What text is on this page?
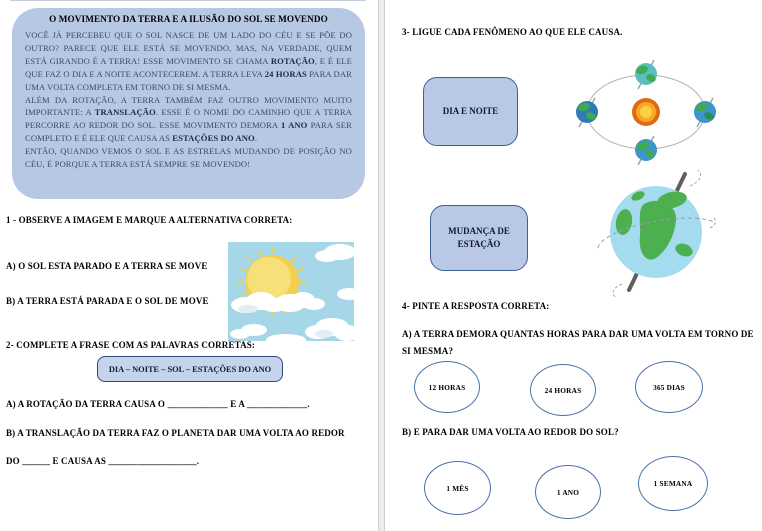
O MOVIMENTO DA TERRA E A ILUSÃO DO SOL SE MOVENDO

VOCÊ JÁ PERCEBEU QUE O SOL NASCE DE UM LADO DO CÉU E SE PÕE DO OUTRO? PARECE QUE ELE ESTÁ SE MOVENDO, MAS, NA VERDADE, QUEM ESTÁ GIRANDO É A TERRA! ESSE MOVIMENTO SE CHAMA ROTAÇÃO, E É ELE QUE FAZ O DIA E A NOITE ACONTECEREM. A TERRA LEVA 24 HORAS PARA DAR UMA VOLTA COMPLETA EM TORNO DE SI MESMA.

ALÉM DA ROTAÇÃO, A TERRA TAMBÉM FAZ OUTRO MOVIMENTO MUITO IMPORTANTE: A TRANSLAÇÃO. ESSE É O NOME DO CAMINHO QUE A TERRA PERCORRE AO REDOR DO SOL. ESSE MOVIMENTO DEMORA 1 ANO PARA SER COMPLETO E É ELE QUE CAUSA AS ESTAÇÕES DO ANO.

ENTÃO, QUANDO VEMOS O SOL E AS ESTRELAS MUDANDO DE POSIÇÃO NO CÉU, É PORQUE A TERRA ESTÁ SEMPRE SE MOVENDO!

1 - OBSERVE A IMAGEM E MARQUE A ALTERNATIVA CORRETA:
A) O SOL ESTA PARADO E A TERRA SE MOVE
B) A TERRA ESTÁ PARADA E O SOL DE MOVE
2- COMPLETE A FRASE COM AS PALAVRAS CORRETAS:
DIA – NOITE – SOL – ESTAÇÕES DO ANO
A) A ROTAÇÃO DA TERRA CAUSA O _____________ E A _____________.
B) A TRANSLAÇÃO DA TERRA FAZ O PLANETA DAR UMA VOLTA AO REDOR
DO ______ E CAUSA AS ___________________.
3- LIGUE CADA FENÔMENO AO QUE ELE CAUSA.
DIA E NOITE
MUDANÇA DE
ESTAÇÃO
4- PINTE A RESPOSTA CORRETA:
A) A TERRA DEMORA QUANTAS HORAS PARA DAR UMA VOLTA EM TORNO DE SI MESMA?
12 HORAS	24 HORAS	365 DIAS
B) E PARA DAR UMA VOLTA AO REDOR DO SOL?
1 MÊS	1 ANO
1 SEMANA
